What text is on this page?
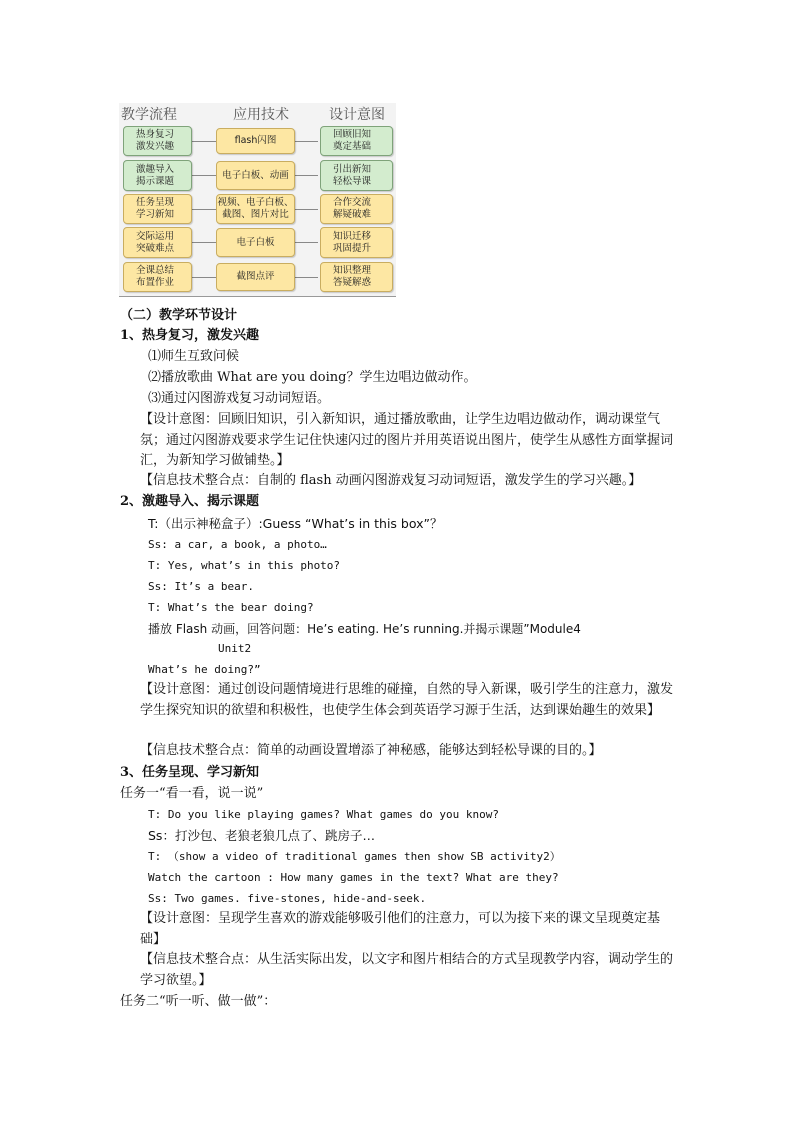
教学流程	应用技术	设计意图
热身复习
激发兴趣
flash闪图
回顾旧知
奠定基础
激趣导入
揭示课题
电子白板、动画
引出新知
轻松导课
任务呈现
学习新知
视频、电子白板、
截图、图片对比
合作交流
解疑破难
交际运用
突破难点
电子白板
知识迁移
巩固提升
全课总结
布置作业
截图点评
知识整理
答疑解惑
（二）教学环节设计
1、热身复习，激发兴趣
⑴师生互致问候
⑵播放歌曲 What are you doing？学生边唱边做动作。
⑶通过闪图游戏复习动词短语。
【设计意图：回顾旧知识，引入新知识，通过播放歌曲，让学生边唱边做动作，调动课堂气氛；通过闪图游戏要求学生记住快速闪过的图片并用英语说出图片，使学生从感性方面掌握词汇，为新知学习做铺垫。】
【信息技术整合点：自制的 flash 动画闪图游戏复习动词短语，激发学生的学习兴趣。】
2、激趣导入、揭示课题
T:（出示神秘盒子）:Guess “What’s in this box”？
Ss: a car, a book, a photo…
T: Yes, what’s in this photo?
Ss: It’s a bear.
T: What’s the bear doing?
播放 Flash 动画，回答问题：He’s eating. He’s running.并揭示课题”Module4
Unit2
What’s he doing?”
【设计意图：通过创设问题情境进行思维的碰撞，自然的导入新课，吸引学生的注意力，激发学生探究知识的欲望和积极性，也使学生体会到英语学习源于生活，达到课始趣生的效果】
【信息技术整合点：简单的动画设置增添了神秘感，能够达到轻松导课的目的。】
3、任务呈现、学习新知
任务一“看一看，说一说”
T: Do you like playing games? What games do you know?
Ss：打沙包、老狼老狼几点了、跳房子…
T: （show a video of traditional games then show SB activity2）
Watch the cartoon : How many games in the text? What are they?
Ss: Two games. five-stones, hide-and-seek.
【设计意图：呈现学生喜欢的游戏能够吸引他们的注意力，可以为接下来的课文呈现奠定基础】
【信息技术整合点：从生活实际出发，以文字和图片相结合的方式呈现教学内容，调动学生的学习欲望。】
任务二“听一听、做一做”：
